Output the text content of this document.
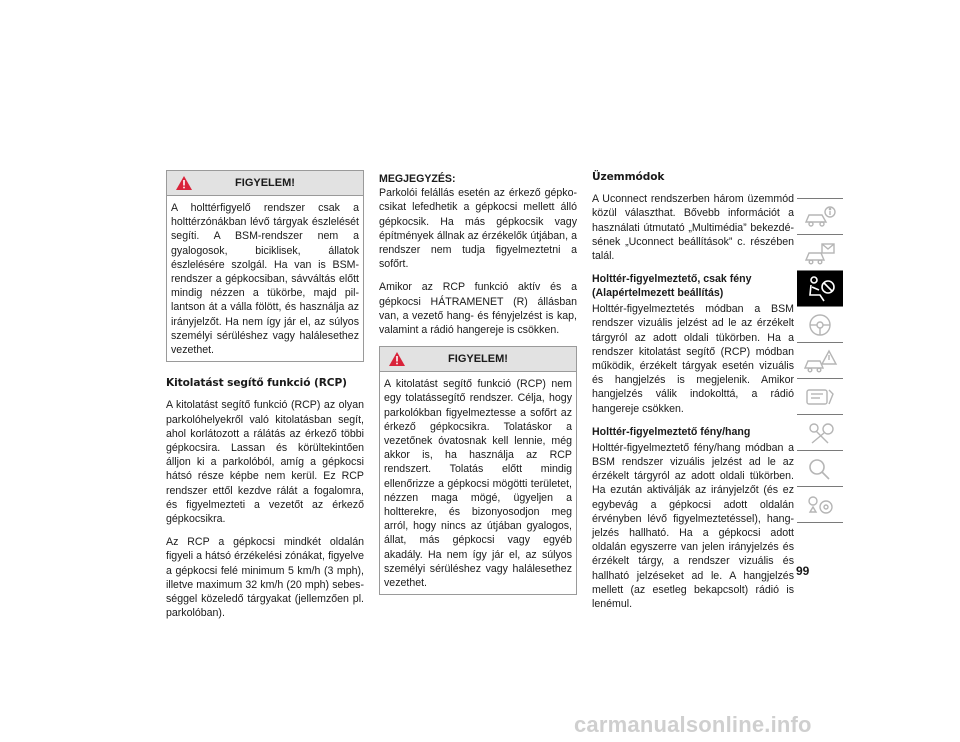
FIGYELEM!
A holttérfigyelő rendszer csak a holttérzónákban lévő tárgyak észlelését segíti. A BSM-rendszer nem a gyalogosok, biciklisek, állatok észlelésére szolgál. Ha van is BSM-rendszer a gépkocsiban, sávváltás előtt mindig nézzen a tükörbe, majd pillantson át a válla fölött, és használja az irányjelzőt. Ha nem így jár el, az súlyos személyi sérüléshez vagy halálesethez vezethet.
Kitolatást segítő funkció (RCP)

A kitolatást segítő funkció (RCP) az olyan parkolóhelyekről való kitolatásban segít, ahol korlátozott a rálátás az érkező többi gépkocsira. Lassan és körültekintően álljon ki a parkolóból, amíg a gépkocsi hátsó része képbe nem kerül. Ez RCP rendszer ettől kezdve rálát a fogalomra, és figyelmezteti a vezetőt az érkező gépkocsikra.

Az RCP a gépkocsi mindkét oldalán figyeli a hátsó érzékelési zónákat, figyelve a gépkocsi felé minimum 5 km/h (3 mph), illetve maximum 32 km/h (20 mph) sebességgel közeledő tárgyakat (jellemzően pl. parkolóban).

MEGJEGYZÉS:
Parkolói felállás esetén az érkező gépkocsikat lefedhetik a gépkocsi mellett álló gépkocsik. Ha más gépkocsik vagy építmények állnak az érzékelők útjában, a rendszer nem tudja figyelmeztetni a sofőrt.

Amikor az RCP funkció aktív és a gépkocsi HÁTRAMENET (R) állásban van, a vezető hang- és fényjelzést is kap, valamint a rádió hangereje is csökken.

FIGYELEM!
A kitolatást segítő funkció (RCP) nem egy tolatássegítő rendszer. Célja, hogy parkolókban figyelmeztesse a sofőrt az érkező gépkocsikra. Tolatáskor a vezetőnek óvatosnak kell lennie, még akkor is, ha használja az RCP rendszert. Tolatás előtt mindig ellenőrizze a gépkocsi mögötti területet, nézzen maga mögé, ügyeljen a holtterekre, és bizonyosodjon meg arról, hogy nincs az útjában gyalogos, állat, más gépkocsi vagy egyéb akadály. Ha nem így jár el, az súlyos személyi sérüléshez vagy halálesethez vezethet.
Üzemmódok

A Uconnect rendszerben három üzemmód közül választhat. Bővebb információt a használati útmutató „Multimédia” bekezdésének „Uconnect beállítások” c. részében talál.

Holttér-figyelmeztető, csak fény (Alapértelmezett beállítás)

Holttér-figyelmeztetés módban a BSM rendszer vizuális jelzést ad le az érzékelt tárgyról az adott oldali tükörben. Ha a rendszer kitolatást segítő (RCP) módban működik, érzékelt tárgyak esetén vizuális és hangjelzés is megjelenik. Amikor hangjelzés válik indokolttá, a rádió hangereje csökken.

Holttér-figyelmeztető fény/hang

Holttér-figyelmeztető fény/hang módban a BSM rendszer vizuális jelzést ad le az érzékelt tárgyról az adott oldali tükörben. Ha ezután aktiválják az irányjelzőt (és ez egybevág a gépkocsi adott oldalán érvényben lévő figyelmeztetéssel), hangjelzés hallható. Ha a gépkocsi adott oldalán egyszerre van jelen irányjelzés és érzékelt tárgy, a rendszer vizuális és hallható jelzéseket ad le. A hangjelzés mellett (az esetleg bekapcsolt) rádió is lenémul.

99
carmanualsonline.info
